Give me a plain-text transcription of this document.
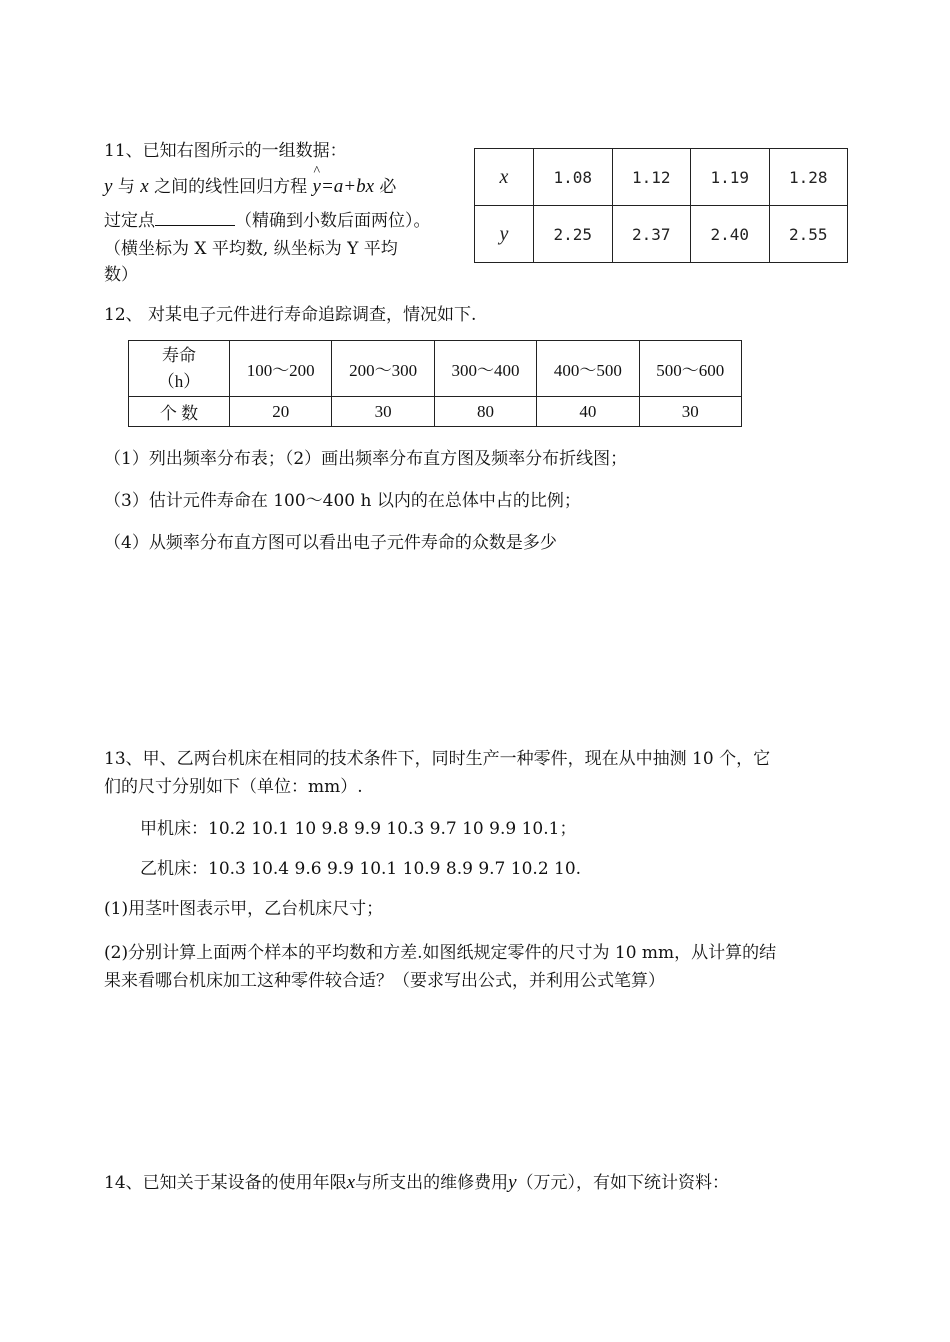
11、已知右图所示的一组数据：
y 与 x 之间的线性回归方程 ^ y=a+bx 必
过定点	（精确到小数后面两位）。
（横坐标为 X 平均数, 纵坐标为 Y 平均
数）
x	1.08	1.12	1.19	1.28
y	2.25	2.37	2.40	2.55
12、 对某电子元件进行寿命追踪调查，情况如下.
寿命
（h）	100～200	200～300	300～400	400～500	500～600
个 数	20	30	80	40	30
（1）列出频率分布表；（2）画出频率分布直方图及频率分布折线图；
（3）估计元件寿命在 100～400 h 以内的在总体中占的比例；
（4）从频率分布直方图可以看出电子元件寿命的众数是多少
13、甲、乙两台机床在相同的技术条件下，同时生产一种零件，现在从中抽测 10 个，它
们的尺寸分别如下（单位：mm）.
甲机床：10.2 10.1 10 9.8 9.9 10.3 9.7 10 9.9 10.1；
乙机床：10.3 10.4 9.6 9.9 10.1 10.9 8.9 9.7 10.2 10.
(1)用茎叶图表示甲，乙台机床尺寸；
(2)分别计算上面两个样本的平均数和方差.如图纸规定零件的尺寸为 10 mm，从计算的结
果来看哪台机床加工这种零件较合适？（要求写出公式，并利用公式笔算）
14、已知关于某设备的使用年限x与所支出的维修费用y（万元），有如下统计资料：
